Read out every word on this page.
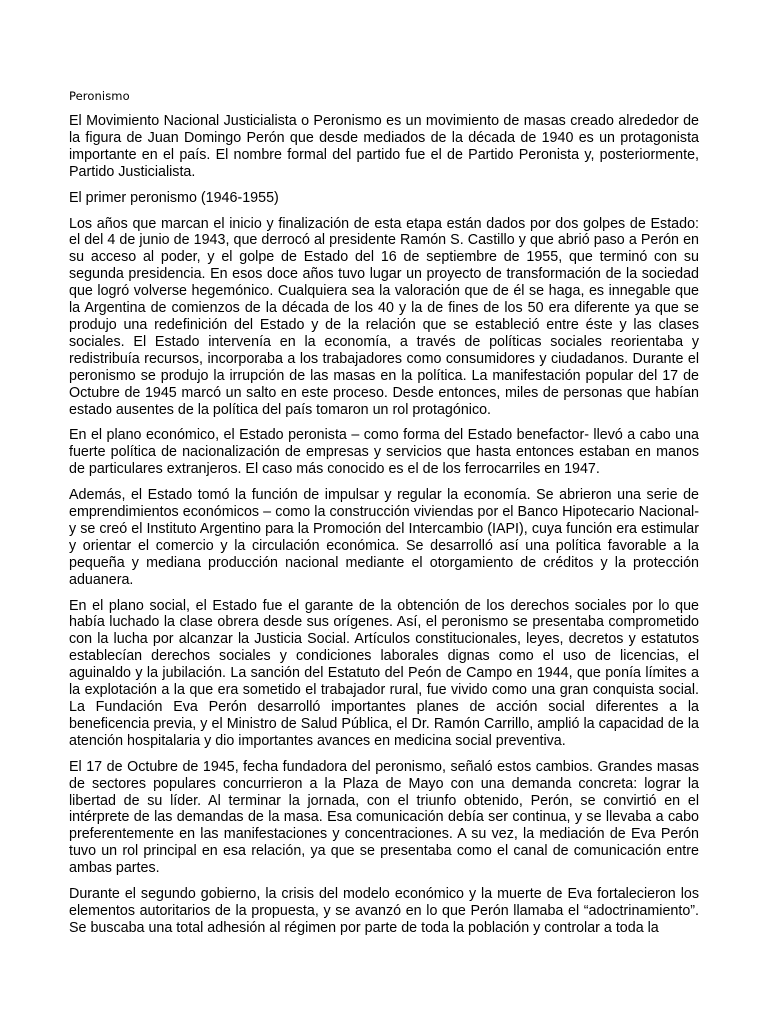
Peronismo

El Movimiento Nacional Justicialista o Peronismo es un movimiento de masas creado alrededor de la figura de Juan Domingo Perón que desde mediados de la década de 1940 es un protagonista importante en el país. El nombre formal del partido fue el de Partido Peronista y, posteriormente, Partido Justicialista.

El primer peronismo (1946-1955)

Los años que marcan el inicio y finalización de esta etapa están dados por dos golpes de Estado: el del 4 de junio de 1943, que derrocó al presidente Ramón S. Castillo y que abrió paso a Perón en su acceso al poder, y el golpe de Estado del 16 de septiembre de 1955, que terminó con su segunda presidencia. En esos doce años tuvo lugar un proyecto de transformación de la sociedad que logró volverse hegemónico. Cualquiera sea la valoración que de él se haga, es innegable que la Argentina de comienzos de la década de los 40 y la de fines de los 50 era diferente ya que se produjo una redefinición del Estado y de la relación que se estableció entre éste y las clases sociales. El Estado intervenía en la economía, a través de políticas sociales reorientaba y redistribuía recursos, incorporaba a los trabajadores como consumidores y ciudadanos. Durante el peronismo se produjo la irrupción de las masas en la política. La manifestación popular del 17 de Octubre de 1945 marcó un salto en este proceso. Desde entonces, miles de personas que habían estado ausentes de la política del país tomaron un rol protagónico.

En el plano económico, el Estado peronista – como forma del Estado benefactor- llevó a cabo una fuerte política de nacionalización de empresas y servicios que hasta entonces estaban en manos de particulares extranjeros. El caso más conocido es el de los ferrocarriles en 1947.

Además, el Estado tomó la función de impulsar y regular la economía. Se abrieron una serie de emprendimientos económicos – como la construcción viviendas por el Banco Hipotecario Nacional- y se creó el Instituto Argentino para la Promoción del Intercambio (IAPI), cuya función era estimular y orientar el comercio y la circulación económica. Se desarrolló así una política favorable a la pequeña y mediana producción nacional mediante el otorgamiento de créditos y la protección aduanera.

En el plano social, el Estado fue el garante de la obtención de los derechos sociales por lo que había luchado la clase obrera desde sus orígenes. Así, el peronismo se presentaba comprometido con la lucha por alcanzar la Justicia Social. Artículos constitucionales, leyes, decretos y estatutos establecían derechos sociales y condiciones laborales dignas como el uso de licencias, el aguinaldo y la jubilación. La sanción del Estatuto del Peón de Campo en 1944, que ponía límites a la explotación a la que era sometido el trabajador rural, fue vivido como una gran conquista social. La Fundación Eva Perón desarrolló importantes planes de acción social diferentes a la beneficencia previa, y el Ministro de Salud Pública, el Dr. Ramón Carrillo, amplió la capacidad de la atención hospitalaria y dio importantes avances en medicina social preventiva.

El 17 de Octubre de 1945, fecha fundadora del peronismo, señaló estos cambios. Grandes masas de sectores populares concurrieron a la Plaza de Mayo con una demanda concreta: lograr la libertad de su líder. Al terminar la jornada, con el triunfo obtenido, Perón, se convirtió en el intérprete de las demandas de la masa. Esa comunicación debía ser continua, y se llevaba a cabo preferentemente en las manifestaciones y concentraciones. A su vez, la mediación de Eva Perón tuvo un rol principal en esa relación, ya que se presentaba como el canal de comunicación entre ambas partes.

Durante el segundo gobierno, la crisis del modelo económico y la muerte de Eva fortalecieron los elementos autoritarios de la propuesta, y se avanzó en lo que Perón llamaba el “adoctrinamiento”. Se buscaba una total adhesión al régimen por parte de toda la población y controlar a toda la
